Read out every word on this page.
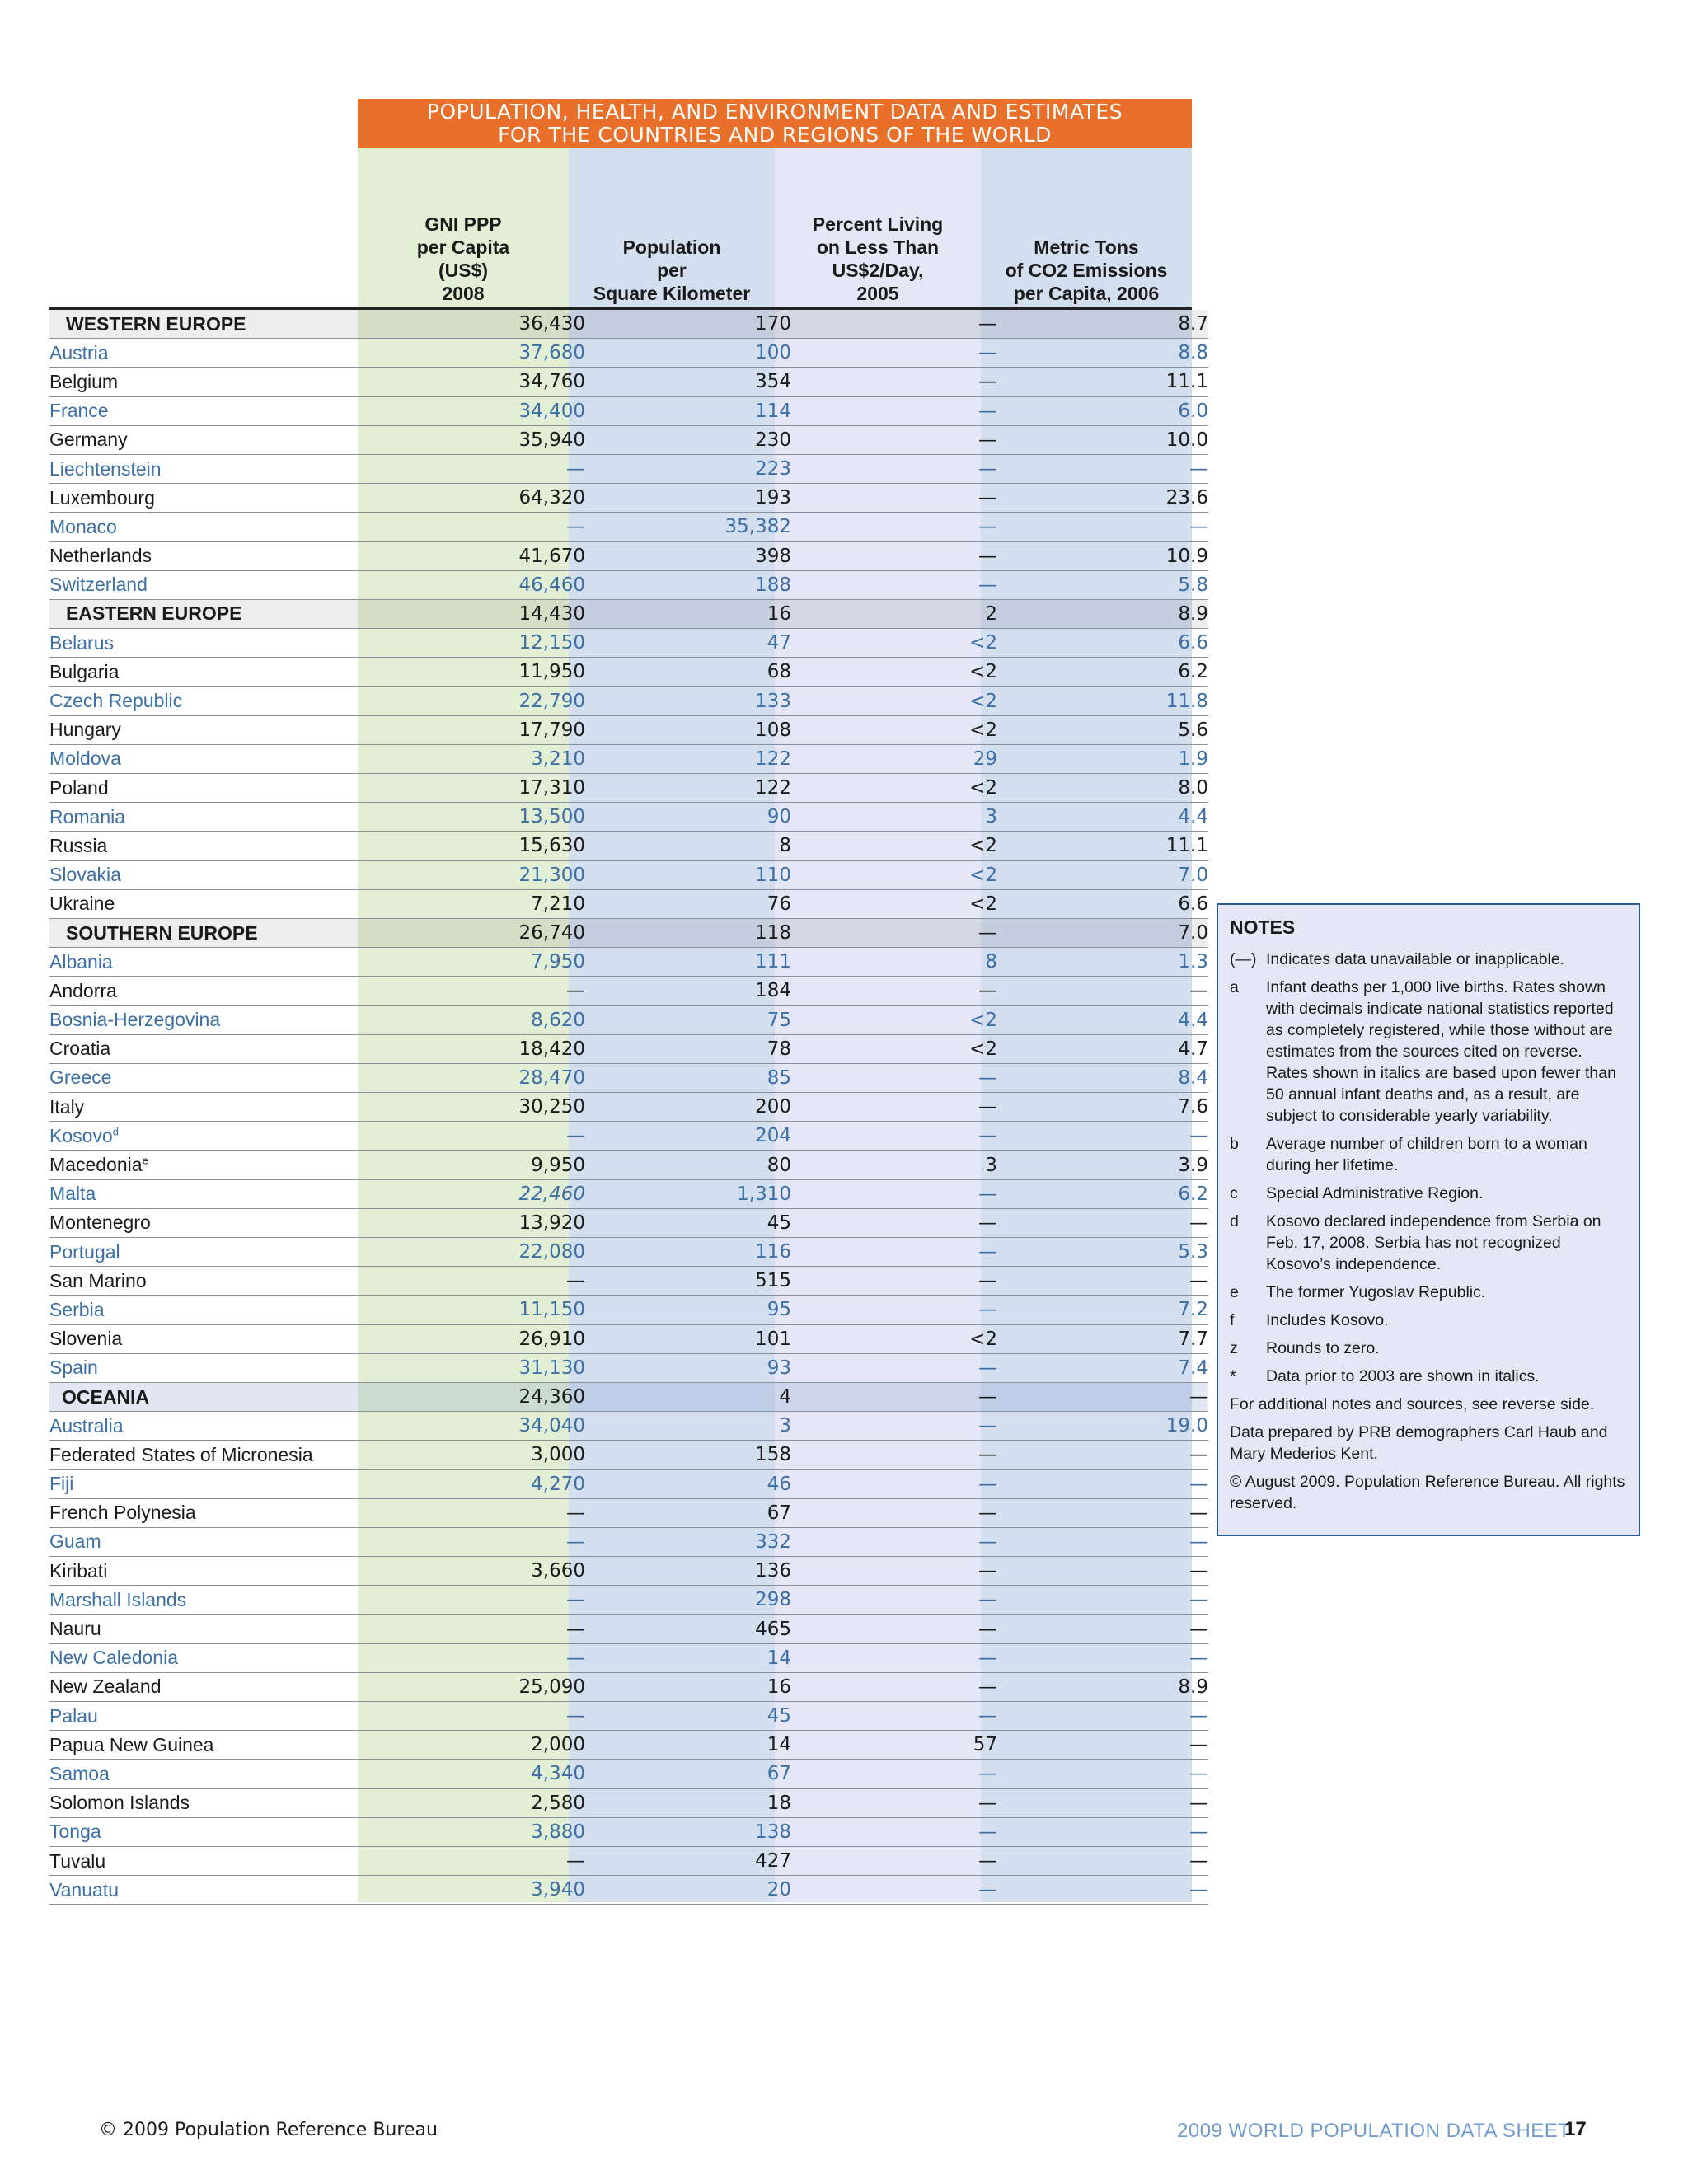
POPULATION, HEALTH, AND ENVIRONMENT DATA AND ESTIMATES
FOR THE COUNTRIES AND REGIONS OF THE WORLD
GNI PPP
per Capita
(US$)
2008
Population
per
Square Kilometer
Percent Living
on Less Than
US$2/Day,
2005
Metric Tons
of CO2 Emissions
per Capita, 2006
WESTERN EUROPE	36,430	170	—	8.7
Austria	37,680	100	—	8.8
Belgium	34,760	354	—	11.1
France	34,400	114	—	6.0
Germany	35,940	230	—	10.0
Liechtenstein	—	223	—	—
Luxembourg	64,320	193	—	23.6
Monaco	—	35,382	—	—
Netherlands	41,670	398	—	10.9
Switzerland	46,460	188	—	5.8
EASTERN EUROPE	14,430	16	2	8.9
Belarus	12,150	47	<2	6.6
Bulgaria	11,950	68	<2	6.2
Czech Republic	22,790	133	<2	11.8
Hungary	17,790	108	<2	5.6
Moldova	3,210	122	29	1.9
Poland	17,310	122	<2	8.0
Romania	13,500	90	3	4.4
Russia	15,630	8	<2	11.1
Slovakia	21,300	110	<2	7.0
Ukraine	7,210	76	<2	6.6
SOUTHERN EUROPE	26,740	118	—	7.0
Albania	7,950	111	8	1.3
Andorra	—	184	—	—
Bosnia-Herzegovina	8,620	75	<2	4.4
Croatia	18,420	78	<2	4.7
Greece	28,470	85	—	8.4
Italy	30,250	200	—	7.6
Kosovo$^d$	—	204	—	—
Macedonia$^e$	9,950	80	3	3.9
Malta	22,460	1,310	—	6.2
Montenegro	13,920	45	—	—
Portugal	22,080	116	—	5.3
San Marino	—	515	—	—
Serbia	11,150	95	—	7.2
Slovenia	26,910	101	<2	7.7
Spain	31,130	93	—	7.4
OCEANIA	24,360	4	—	—
Australia	34,040	3	—	19.0
Federated States of Micronesia	3,000	158	—	—
Fiji	4,270	46	—	—
French Polynesia	—	67	—	—
Guam	—	332	—	—
Kiribati	3,660	136	—	—
Marshall Islands	—	298	—	—
Nauru	—	465	—	—
New Caledonia	—	14	—	—
New Zealand	25,090	16	—	8.9
Palau	—	45	—	—
Papua New Guinea	2,000	14	57	—
Samoa	4,340	67	—	—
Solomon Islands	2,580	18	—	—
Tonga	3,880	138	—	—
Tuvalu	—	427	—	—
Vanuatu	3,940	20	—	—
NOTES
(—) Indicates data unavailable or inapplicable.
a	Infant deaths per 1,000 live births. Rates shown with decimals indicate national statistics reported as completely registered, while those without are estimates from the sources cited on reverse. Rates shown in italics are based upon fewer than 50 annual infant deaths and, as a result, are subject to considerable yearly variability.
b	Average number of children born to a woman during her lifetime.
c	Special Administrative Region.
d	Kosovo declared independence from Serbia on Feb. 17, 2008. Serbia has not recognized Kosovo’s independence.
e	The former Yugoslav Republic.
f	Includes Kosovo.
z	Rounds to zero.
*	Data prior to 2003 are shown in italics.
For additional notes and sources, see reverse side.
Data prepared by PRB demographers Carl Haub and Mary Mederios Kent.
© August 2009. Population Reference Bureau. All rights reserved.
© 2009 Population Reference Bureau	2009 WORLD POPULATION DATA SHEET
17
